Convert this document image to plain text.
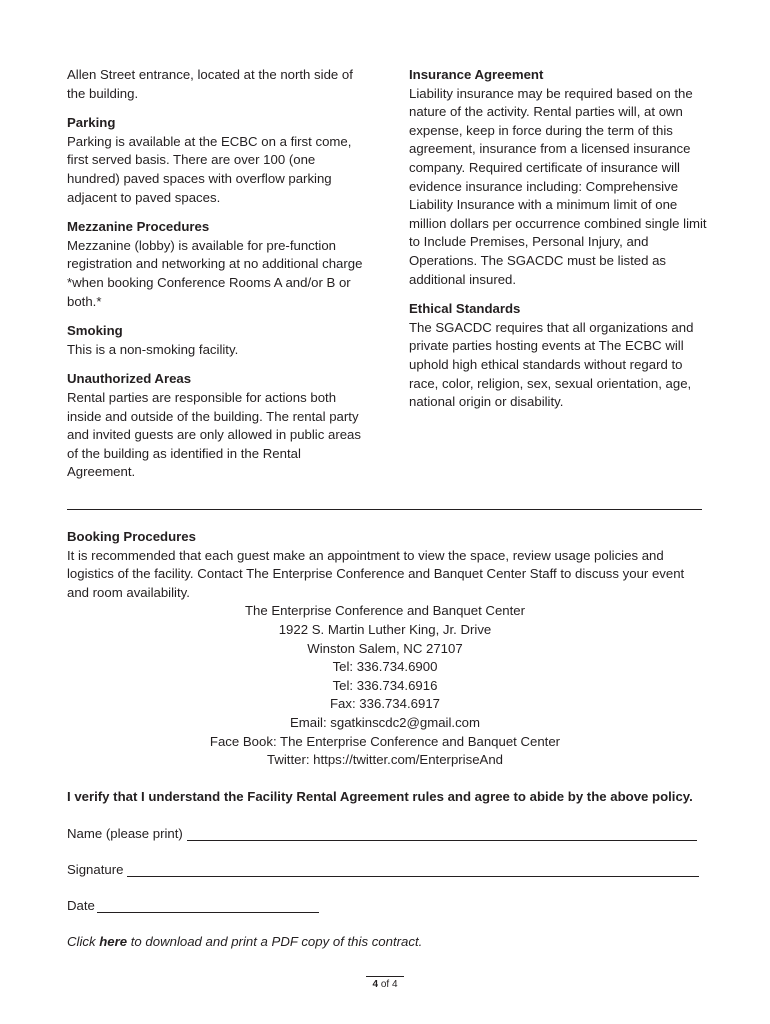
Allen Street entrance, located at the north side of the building.

Parking

Parking is available at the ECBC on a first come, first served basis. There are over 100 (one hundred) paved spaces with overflow parking adjacent to paved spaces.

Mezzanine Procedures

Mezzanine (lobby) is available for pre-function registration and networking at no additional charge *when booking Conference Rooms A and/or B or both.*

Smoking

This is a non-smoking facility.

Unauthorized Areas

Rental parties are responsible for actions both inside and outside of the building. The rental party and invited guests are only allowed in public areas of the building as identified in the Rental Agreement.

Insurance Agreement

Liability insurance may be required based on the nature of the activity. Rental parties will, at own expense, keep in force during the term of this agreement, insurance from a licensed insurance company. Required certificate of insurance will evidence insurance including: Comprehensive Liability Insurance with a minimum limit of one million dollars per occurrence combined single limit to Include Premises, Personal Injury, and Operations. The SGACDC must be listed as additional insured.

Ethical Standards

The SGACDC requires that all organizations and private parties hosting events at The ECBC will uphold high ethical standards without regard to race, color, religion, sex, sexual orientation, age, national origin or disability.

Booking Procedures

It is recommended that each guest make an appointment to view the space, review usage policies and logistics of the facility. Contact The Enterprise Conference and Banquet Center Staff to discuss your event and room availability.

The Enterprise Conference and Banquet Center
1922 S. Martin Luther King, Jr. Drive
Winston Salem, NC 27107
Tel: 336.734.6900
Tel: 336.734.6916
Fax: 336.734.6917
Email: sgatkinscdc2@gmail.com
Face Book: The Enterprise Conference and Banquet Center
Twitter: https://twitter.com/EnterpriseAnd
I verify that I understand the Facility Rental Agreement rules and agree to abide by the above policy.
Name (please print)
Signature
Date
Click here to download and print a PDF copy of this contract.
4 of 4
